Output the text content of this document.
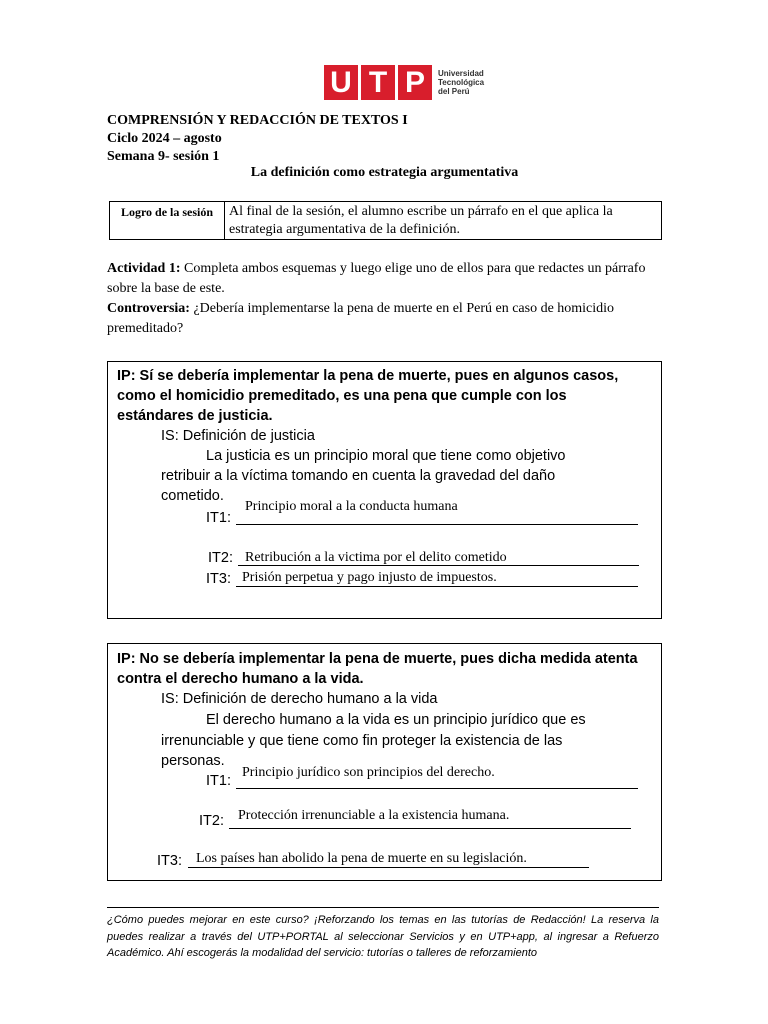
U T P Universidad
Tecnológica
del Perú
COMPRENSIÓN Y REDACCIÓN DE TEXTOS I
Ciclo 2024 – agosto
Semana 9- sesión 1
La definición como estrategia argumentativa
Logro de la sesión	Al final de la sesión, el alumno escribe un párrafo en el que aplica la estrategia argumentativa de la definición.
Actividad 1: Completa ambos esquemas y luego elige uno de ellos para que redactes un párrafo sobre la base de este.
Controversia: ¿Debería implementarse la pena de muerte en el Perú en caso de homicidio premeditado?
IP: Sí se debería implementar la pena de muerte, pues en algunos casos, como el homicidio premeditado, es una pena que cumple con los estándares de justicia.
IS: Definición de justicia
La justicia es un principio moral que tiene como objetivo
retribuir a la víctima tomando en cuenta la gravedad del daño
cometido.
IT1:
Principio moral a la conducta humana
IT2: Retribución a la victima por el delito cometido
IT3: Prisión perpetua y pago injusto de impuestos.
IP: No se debería implementar la pena de muerte, pues dicha medida atenta contra el derecho humano a la vida.
IS: Definición de derecho humano a la vida
El derecho humano a la vida es un principio jurídico que es
irrenunciable y que tiene como fin proteger la existencia de las
personas.
IT1:
Principio jurídico son principios del derecho.
IT2: Protección irrenunciable a la existencia humana.
IT3: Los países han abolido la pena de muerte en su legislación.
¿Cómo puedes mejorar en este curso? ¡Reforzando los temas en las tutorías de Redacción! La reserva la puedes realizar a través del UTP+PORTAL al seleccionar Servicios y en UTP+app, al ingresar a Refuerzo Académico. Ahí escogerás la modalidad del servicio: tutorías o talleres de reforzamiento
